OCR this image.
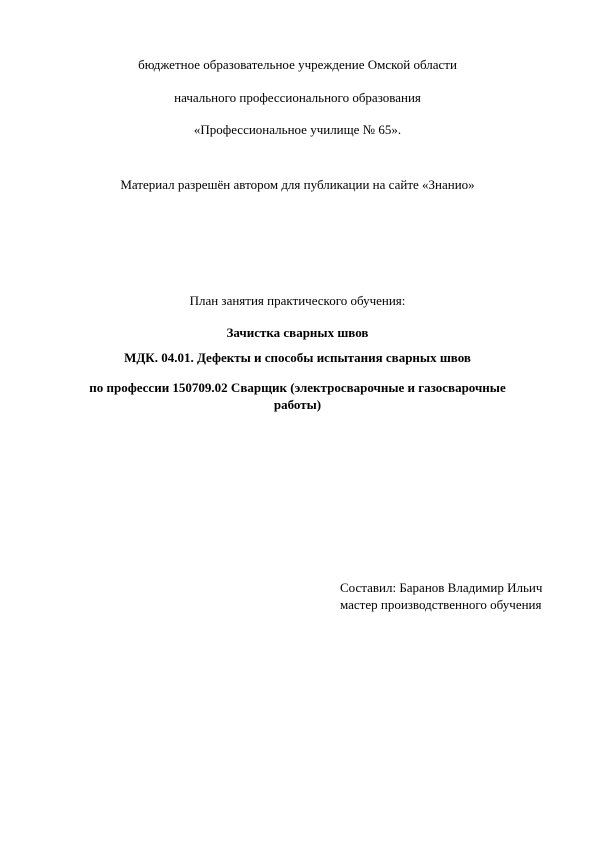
бюджетное образовательное учреждение Омской области
начального профессионального образования
«Профессиональное училище № 65».
Материал разрешён автором для публикации на сайте «Знанио»
План занятия практического обучения:
Зачистка сварных швов
МДК. 04.01. Дефекты и способы испытания сварных швов
по профессии 150709.02 Сварщик (электросварочные и газосварочные
работы)
Составил: Баранов Владимир Ильич
мастер производственного обучения
